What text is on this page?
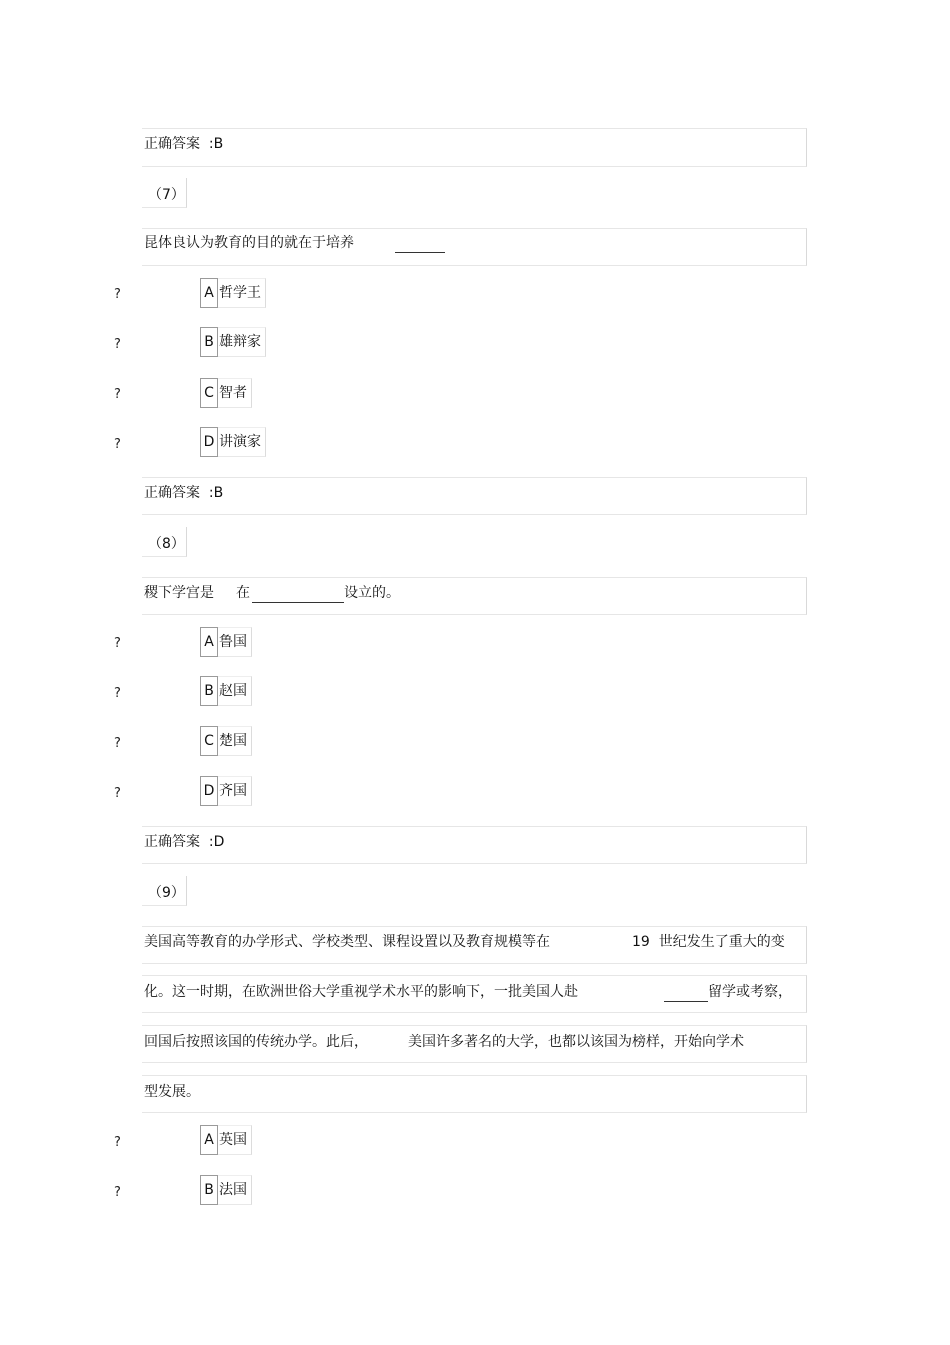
正确答案  :B
（7）
昆体良认为教育的目的就在于培养
?	A 哲学王
?	B 雄辩家
?	C 智者
?	D 讲演家
正确答案  :B
（8）
稷下学宫是 在	设立的。
?	A 鲁国
?	B 赵国
?	C 楚国
?	D 齐国
正确答案  :D
（9）
美国高等教育的办学形式、学校类型、课程设置以及教育规模等在	19  世纪发生了重大的变
化。这一时期，在欧洲世俗大学重视学术水平的影响下，一批美国人赴	留学或考察，
回国后按照该国的传统办学。此后，	美国许多著名的大学，也都以该国为榜样，开始向学术
型发展。
?	A 英国
?	B 法国
